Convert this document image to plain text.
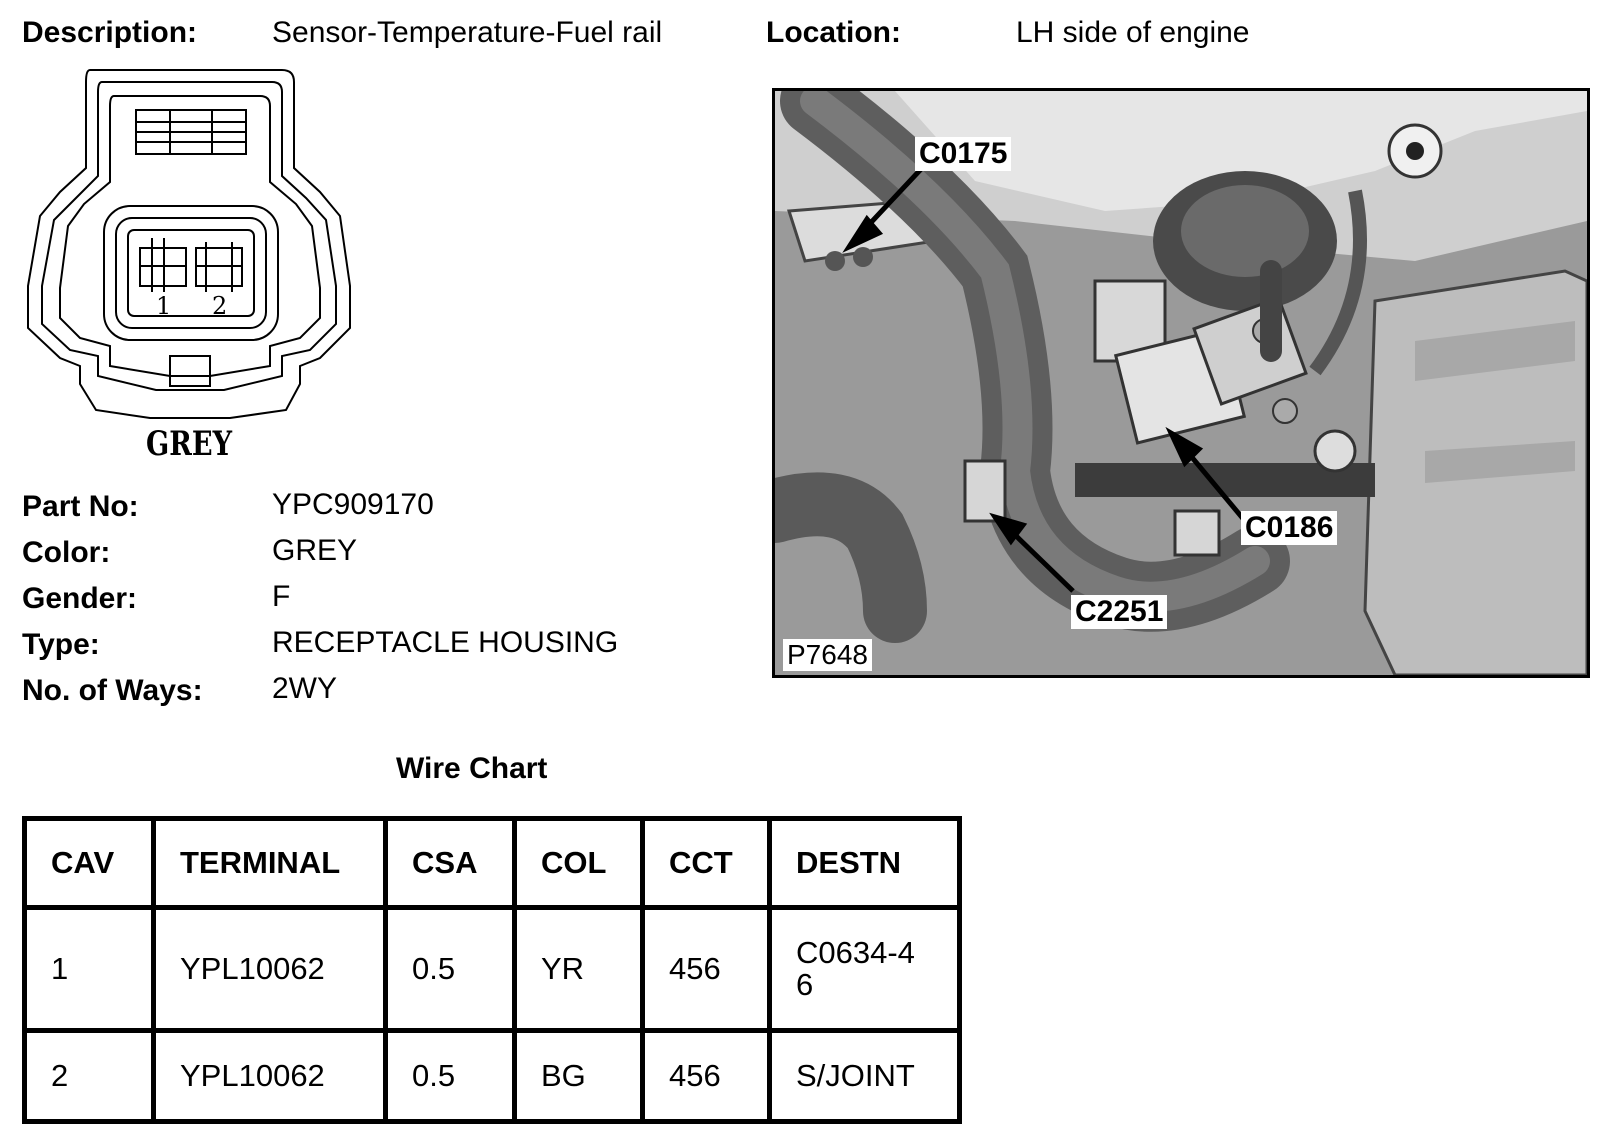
Description: Sensor-Temperature-Fuel rail	Location:	LH side of engine
1 2
GREY
C0175
C0186
C2251
P7648
Part No:	YPC909170
Color:	GREY
Gender:	F
Type:	RECEPTACLE HOUSING
No. of Ways: 2WY
Wire Chart
CAV	TERMINAL	CSA	COL	CCT	DESTN
1	YPL10062	0.5	YR	456	C0634-46

2	YPL10062	0.5	BG	456	S/JOINT
